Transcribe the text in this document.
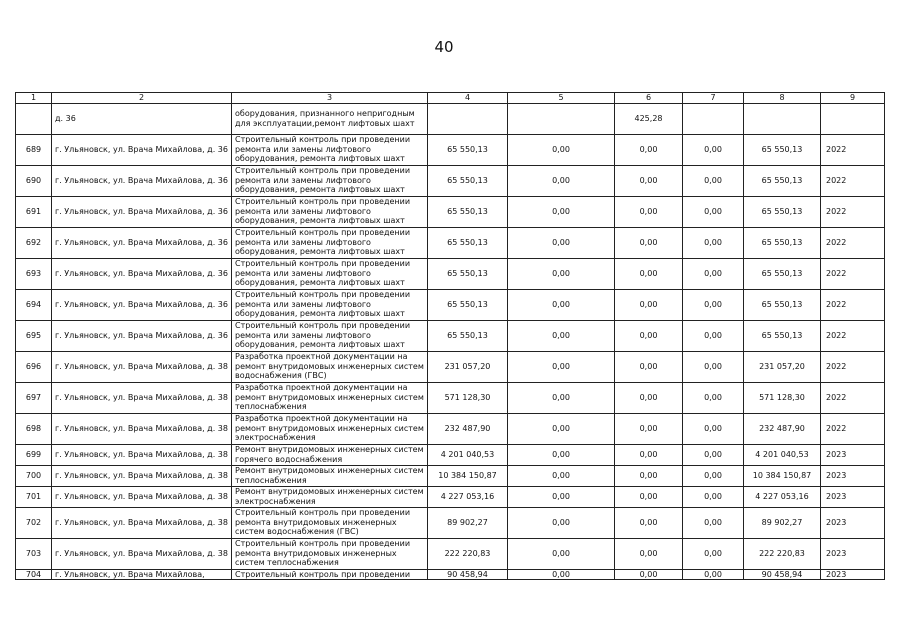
40
1	2	3	4	5	6	7	8	9
	д. 36	оборудования, признанного непригодным для эксплуатации,ремонт лифтовых шахт			425,28			
689	г. Ульяновск, ул. Врача Михайлова, д. 36	Строительный контроль при проведении ремонта или замены лифтового оборудования, ремонта лифтовых шахт	65 550,13	0,00	0,00	0,00	65 550,13	2022
690	г. Ульяновск, ул. Врача Михайлова, д. 36	Строительный контроль при проведении ремонта или замены лифтового оборудования, ремонта лифтовых шахт	65 550,13	0,00	0,00	0,00	65 550,13	2022
691	г. Ульяновск, ул. Врача Михайлова, д. 36	Строительный контроль при проведении ремонта или замены лифтового оборудования, ремонта лифтовых шахт	65 550,13	0,00	0,00	0,00	65 550,13	2022
692	г. Ульяновск, ул. Врача Михайлова, д. 36	Строительный контроль при проведении ремонта или замены лифтового оборудования, ремонта лифтовых шахт	65 550,13	0,00	0,00	0,00	65 550,13	2022
693	г. Ульяновск, ул. Врача Михайлова, д. 36	Строительный контроль при проведении ремонта или замены лифтового оборудования, ремонта лифтовых шахт	65 550,13	0,00	0,00	0,00	65 550,13	2022
694	г. Ульяновск, ул. Врача Михайлова, д. 36	Строительный контроль при проведении ремонта или замены лифтового оборудования, ремонта лифтовых шахт	65 550,13	0,00	0,00	0,00	65 550,13	2022
695	г. Ульяновск, ул. Врача Михайлова, д. 36	Строительный контроль при проведении ремонта или замены лифтового оборудования, ремонта лифтовых шахт	65 550,13	0,00	0,00	0,00	65 550,13	2022
696	г. Ульяновск, ул. Врача Михайлова, д. 38	Разработка проектной документации на ремонт внутридомовых инженерных систем водоснабжения (ГВС)	231 057,20	0,00	0,00	0,00	231 057,20	2022
697	г. Ульяновск, ул. Врача Михайлова, д. 38	Разработка проектной документации на ремонт внутридомовых инженерных систем теплоснабжения	571 128,30	0,00	0,00	0,00	571 128,30	2022
698	г. Ульяновск, ул. Врача Михайлова, д. 38	Разработка проектной документации на ремонт внутридомовых инженерных систем электроснабжения	232 487,90	0,00	0,00	0,00	232 487,90	2022
699	г. Ульяновск, ул. Врача Михайлова, д. 38	Ремонт внутридомовых инженерных систем горячего водоснабжения	4 201 040,53	0,00	0,00	0,00	4 201 040,53	2023
700	г. Ульяновск, ул. Врача Михайлова, д. 38	Ремонт внутридомовых инженерных систем теплоснабжения	10 384 150,87	0,00	0,00	0,00	10 384 150,87	2023
701	г. Ульяновск, ул. Врача Михайлова, д. 38	Ремонт внутридомовых инженерных систем электроснабжения	4 227 053,16	0,00	0,00	0,00	4 227 053,16	2023
702	г. Ульяновск, ул. Врача Михайлова, д. 38	Строительный контроль при проведении ремонта внутридомовых инженерных систем водоснабжения (ГВС)	89 902,27	0,00	0,00	0,00	89 902,27	2023
703	г. Ульяновск, ул. Врача Михайлова, д. 38	Строительный контроль при проведении ремонта внутридомовых инженерных систем теплоснабжения	222 220,83	0,00	0,00	0,00	222 220,83	2023
704	г. Ульяновск, ул. Врача Михайлова,	Строительный контроль при проведении	90 458,94	0,00	0,00	0,00	90 458,94	2023
